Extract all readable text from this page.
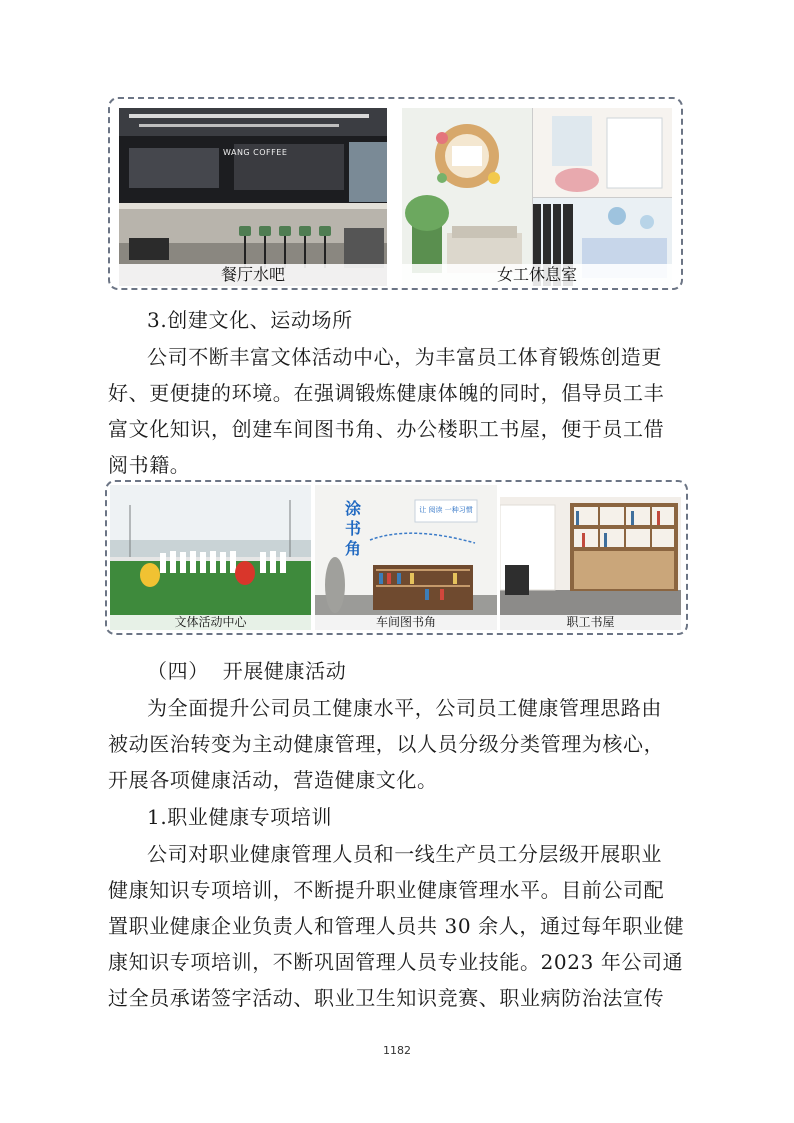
WANG COFFEE
餐厅水吧	女工休息室
3.创建文化、运动场所
公司不断丰富文体活动中心，为丰富员工体育锻炼创造更
好、更便捷的环境。在强调锻炼健康体魄的同时，倡导员工丰
富文化知识，创建车间图书角、办公楼职工书屋，便于员工借
阅书籍。
文体活动中心
涂书角
让 阅读 一种习惯
车间图书角	职工书屋
（四）  开展健康活动
为全面提升公司员工健康水平，公司员工健康管理思路由
被动医治转变为主动健康管理，以人员分级分类管理为核心，
开展各项健康活动，营造健康文化。
1.职业健康专项培训
公司对职业健康管理人员和一线生产员工分层级开展职业
健康知识专项培训，不断提升职业健康管理水平。目前公司配
置职业健康企业负责人和管理人员共 30 余人，通过每年职业健
康知识专项培训，不断巩固管理人员专业技能。2023 年公司通
过全员承诺签字活动、职业卫生知识竞赛、职业病防治法宣传
1182
